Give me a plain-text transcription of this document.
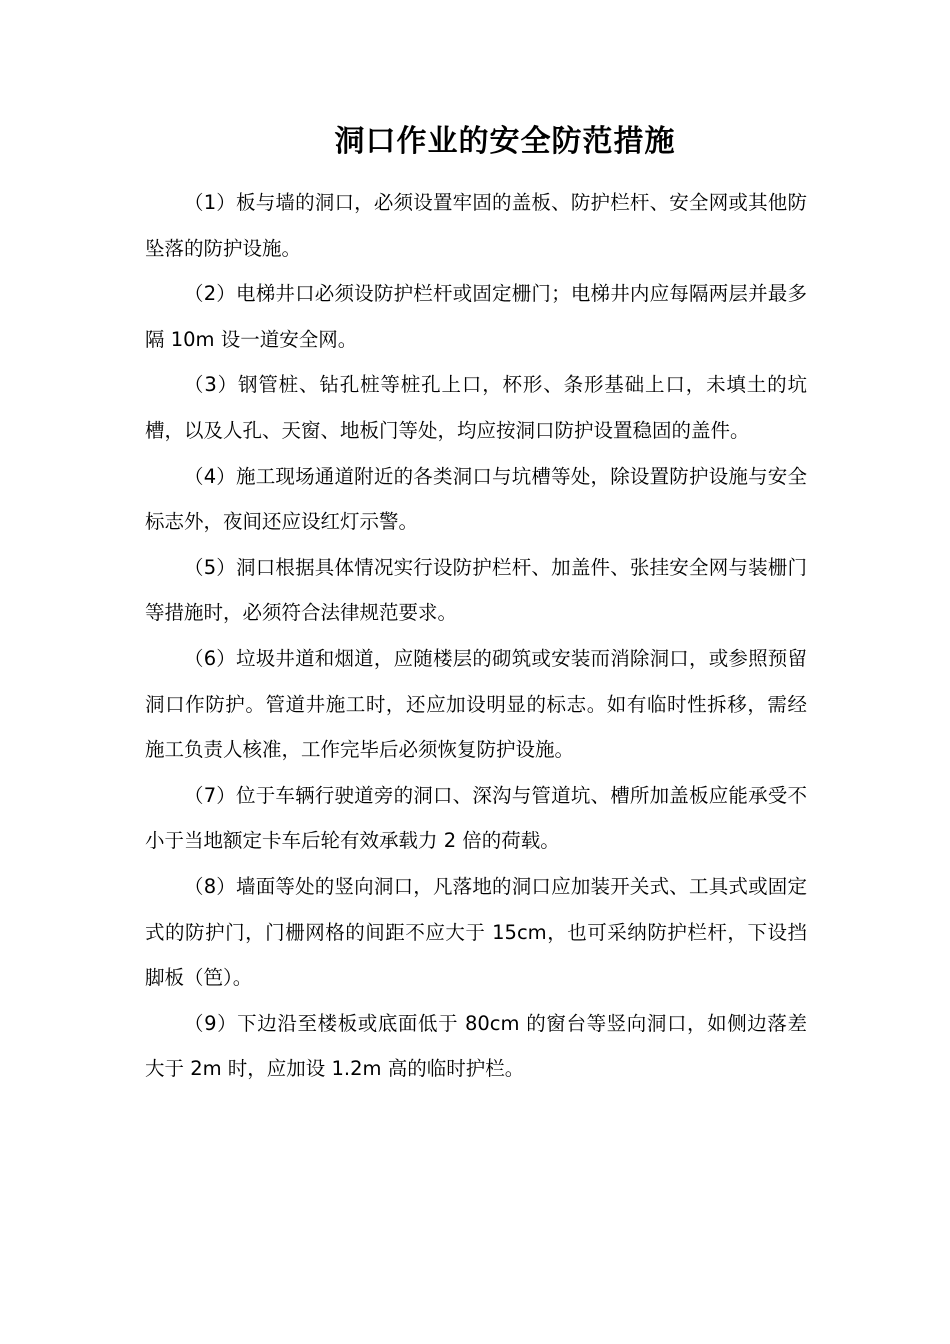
洞口作业的安全防范措施

（1）板与墙的洞口，必须设置牢固的盖板、防护栏杆、安全网或其他防坠落的防护设施。

（2）电梯井口必须设防护栏杆或固定栅门；电梯井内应每隔两层并最多隔 10m 设一道安全网。

（3）钢管桩、钻孔桩等桩孔上口，杯形、条形基础上口，未填土的坑槽，以及人孔、天窗、地板门等处，均应按洞口防护设置稳固的盖件。

（4）施工现场通道附近的各类洞口与坑槽等处，除设置防护设施与安全标志外，夜间还应设红灯示警。

（5）洞口根据具体情况实行设防护栏杆、加盖件、张挂安全网与装栅门等措施时，必须符合法律规范要求。

（6）垃圾井道和烟道，应随楼层的砌筑或安装而消除洞口，或参照预留洞口作防护。管道井施工时，还应加设明显的标志。如有临时性拆移，需经施工负责人核准，工作完毕后必须恢复防护设施。

（7）位于车辆行驶道旁的洞口、深沟与管道坑、槽所加盖板应能承受不小于当地额定卡车后轮有效承载力 2 倍的荷载。

（8）墙面等处的竖向洞口，凡落地的洞口应加装开关式、工具式或固定式的防护门，门栅网格的间距不应大于 15cm，也可采纳防护栏杆，下设挡脚板（笆）。

（9）下边沿至楼板或底面低于 80cm 的窗台等竖向洞口，如侧边落差大于 2m 时，应加设 1.2m 高的临时护栏。
